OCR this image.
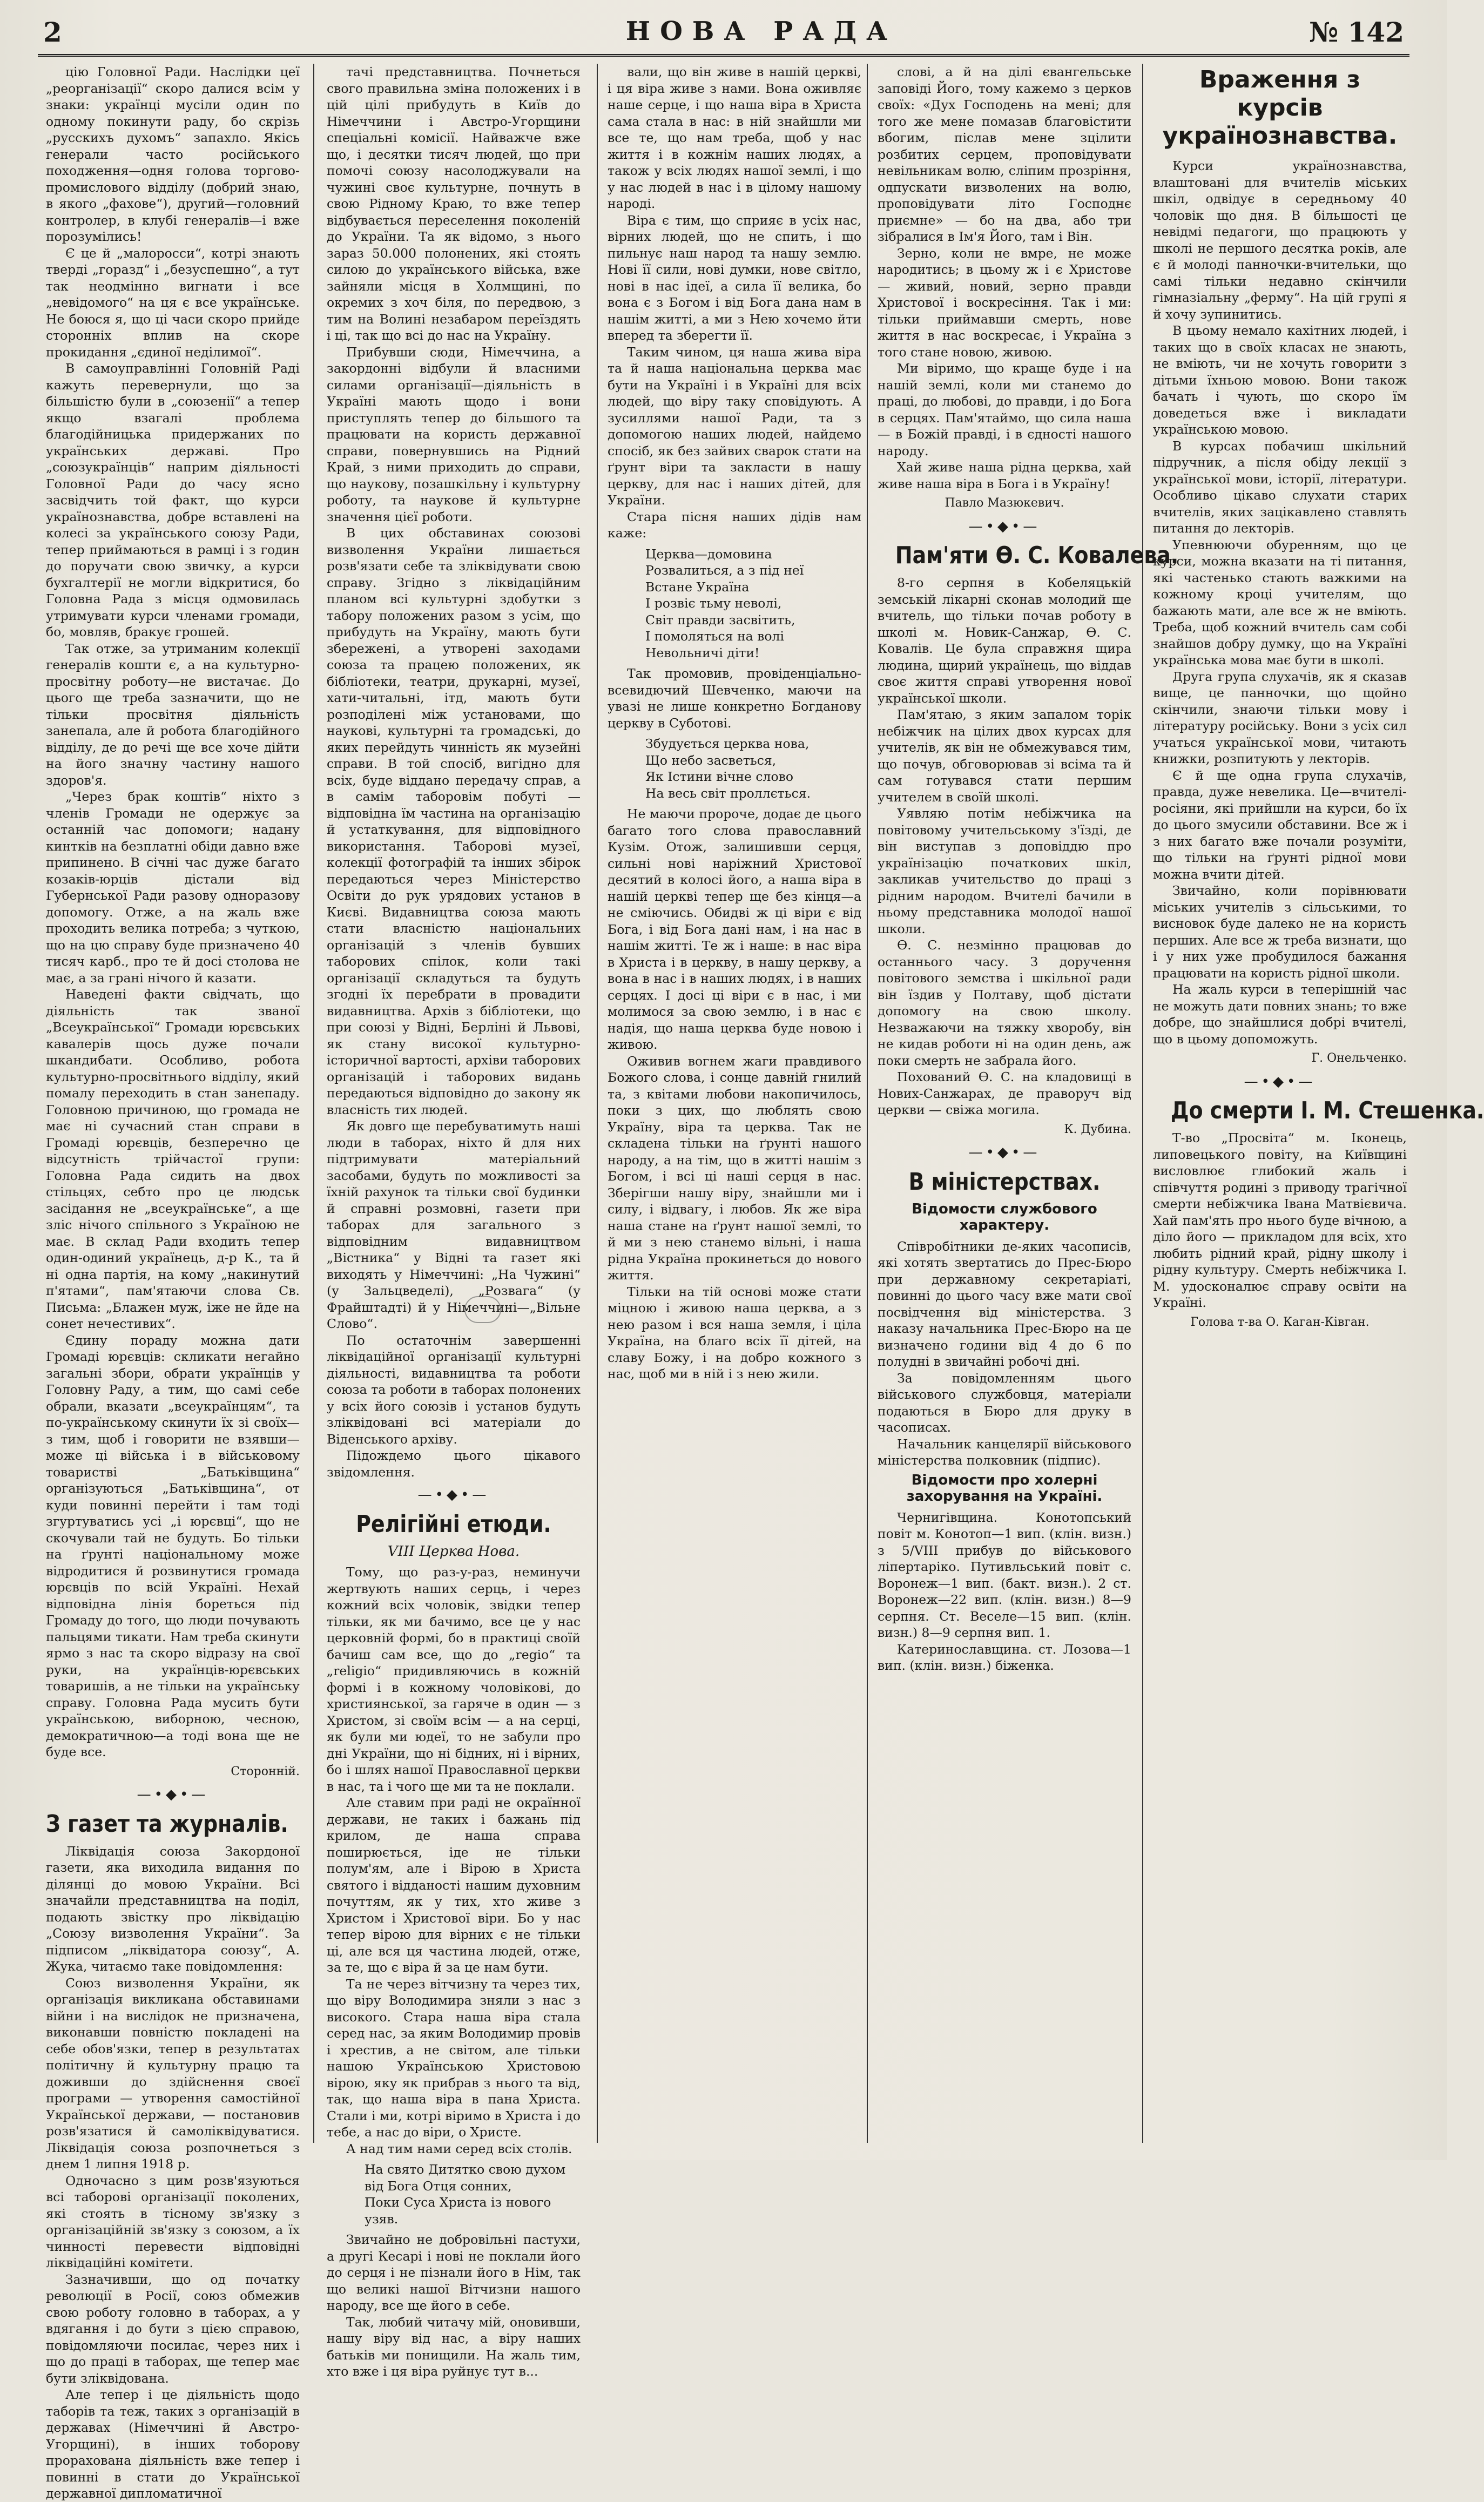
2	НОВА РАДА	№ 142

цію Головної Ради. Наслідки цеї „реорганізації“ скоро далися всім у знаки: українці мусіли один по одному покинути раду, бо скрізь „русскихъ духомъ“ запахло. Якісь генерали часто російського походження—одня голова торгово-промислового відділу (добрий знаю, в якого „фахове“), другий—головний контролер, в клубі генералів—і вже порозумілись!

Є це й „малоросси“, котрі знають тверді „горазд“ і „безуспешно“, а тут так неодмінно вигнати і все „невідомого“ на ця є все українське. Не боюся я, що ці часи скоро прийде сторонніх вплив на скоре прокидання „єдиної неділимої“.

В самоуправлінні Головній Раді кажуть перевернули, що за більшістю були в „союзенії“ а тепер якщо взагалі проблема благодійницька придержаних по українських державі. Про „союзукраїнців“ наприм діяльності Головної Ради до часу ясно засвідчить той факт, що курси українознавства, добре вставлені на колесі за українського союзу Ради, тепер приймаються в рамці і з годин до поручати свою звичку, а курси бухгалтерії не могли відкритися, бо Головна Рада з місця одмовилась утримувати курси членами громади, бо, мовляв, бракує грошей.

Так отже, за утриманим колекції генералів кошти є, а на культурно-просвітну роботу—не вистачає. До цього ще треба зазначити, що не тільки просвітня діяльність занепала, але й робота благодійного відділу, де до речі ще все хоче дійти на його значну частину нашого здоров'я.

„Через брак коштів“ ніхто з членів Громади не одержує за останній час допомоги; надану кинтків на безплатні обіди давно вже припинено. В січні час дуже багато козаків-юрців дістали від Губернської Ради разову одноразову допомогу. Отже, а на жаль вже проходить велика потреба; з чуткою, що на цю справу буде призначено 40 тисяч карб., про те й досі столова не має, а за грані нічого й казати.

Наведені факти свідчать, що діяльність так званої „Всеукраїнської“ Громади юрєвських кавалерів щось дуже почали шкандибати. Особливо, робота культурно-просвітнього відділу, який помалу переходить в стан занепаду. Головною причиною, що громада не має ні сучасний стан справи в Громаді юрєвців, безперечно це відсутність трійчастої групи: Головна Рада сидить на двох стільцях, себто про це людськ засідання не „всеукраїнське“, а ще зліс нічого спільного з Україною не має. В склад Ради входить тепер один-одиний українець, д-р К., та й ні одна партія, на кому „накинутий п'ятами“, пам'ятаючи слова Св. Письма: „Блажен муж, іже не йде на сонет нечестивих“.

Єдину пораду можна дати Громаді юрєвців: скликати негайно загальні збори, обрати українців у Головну Раду, а тим, що самі себе обрали, вказати „всеукраїнцям“, та по-українському скинути їх зі своїх—з тим, щоб і говорити не взявши—може ці війська і в військовому товаристві „Батьківщина“ організуються „Батьківщина“, от куди повинні перейти і там тоді згуртуватись усі „і юрєвці“, що не скочували тай не будуть. Бо тільки на ґрунті національному може відродитися й розвинутися громада юрєвців по всій Україні. Нехай відповідна лінія бореться під Громаду до того, що люди почувають пальцями тикати. Нам треба скинути ярмо з нас та скоро відразу на свої руки, на українців-юрєвських товаришів, а не тільки на українську справу. Головна Рада мусить бути українською, виборною, чесною, демократичною—а тоді вона ще не буде все.

Сторонній.
—•◆•—
З газет та журналів.

Ліквідація союза Закордоної газети, яка виходила видання по ділянці до мовою України. Всі значайли представництва на поділ, подають звістку про ліквідацію „Союзу визволення України“. За підписом „ліквідатора союзу“, А. Жука, читаємо таке повідомлення:

Союз визволення України, як організація викликана обставинами війни і на вислідок не призначена, виконавши повністю покладені на себе обов'язки, тепер в результатах політичну й культурну працю та доживши до здійснення своєї програми — утворення самостійної Української держави, — постановив розв'язатися й самоліквідуватися. Ліквідація союза розпочнеться з днем 1 липня 1918 р.

Одночасно з цим розв'язуються всі таборові організації поколених, які стоять в тісному зв'язку з організаційній зв'язку з союзом, а їх чинності перевести відповідні ліквідаційні комітети.

Зазначивши, що од початку революції в Росії, союз обмежив свою роботу головно в таборах, а у вдягання і до бути з цією справою, повідомляючи посилає, через них і що до праці в таборах, ще тепер має бути зліквідована.

Але тепер і це діяльність щодо таборів та теж, таких з організацій в державах (Німеччині й Австро-Угорщині), в інших тоборову прорахована діяльність вже тепер і повинні в стати до Української державної дипломатичної

тачі представництва. Почнеться свого правильна зміна положених і в цій цілі прибудуть в Київ до Німеччини і Австро-Угорщини спеціальні комісії. Найважче вже що, і десятки тисяч людей, що при помочі союзу насолоджували на чужині своє культурне, почнуть в свою Рідному Краю, то вже тепер відбувається переселення поколеній до України. Та як відомо, з нього зараз 50.000 полонених, які стоять силою до українського війська, вже зайняли місця в Холмщині, по окремих з хоч біля, по передвою, з тим на Волині незабаром переїздять і ці, так що всі до нас на Україну.

Прибувши сюди, Німеччина, а закордонні відбули й власними силами організації—діяльність в Україні мають щодо і вони приступлять тепер до більшого та працювати на користь державної справи, повернувшись на Рідний Край, з ними приходить до справи, що наукову, позашкільну і культурну роботу, та наукове й культурне значення цієї роботи.

В цих обставинах союзові визволення України лишається розв'язати себе та зліквідувати свою справу. Згідно з ліквідаційним планом всі культурні здобутки з табору положених разом з усім, що прибудуть на Україну, мають бути збережені, а утворені заходами союза та працею положених, як бібліотеки, театри, друкарні, музеї, хати-читальні, ітд, мають бути розподілені між установами, що наукові, культурні та громадські, до яких перейдуть чинність як музейні справи. В той спосіб, вигідно для всіх, буде віддано передачу справ, а в самім таборовім побуті — відповідна їм частина на організацію й устаткування, для відповідного використання. Таборові музеї, колекції фотографій та інших збірок передаються через Міністерство Освіти до рук урядових установ в Києві. Видавництва союза мають стати власністю національних організацій з членів бувших таборових спілок, коли такі організації складуться та будуть згодні їх перебрати в провадити видавництва. Архів з бібліотеки, що при союзі у Відні, Берліні й Львові, як стану високої культурно-історичної вартості, архіви таборових організацій і таборових видань передаються відповідно до закону як власність тих людей.

Як довго ще перебуватимуть наші люди в таборах, ніхто й для них підтримувати матеріальний засобами, будуть по можливості за їхній рахунок та тільки свої будинки й справні розмовні, газети при таборах для загального з відповідним видавництвом „Вістника“ у Відні та газет які виходять у Німеччині: „На Чужині“ (у Зальцведелі), „Розвага“ (у Фрайштадті) й у Німеччині—„Вільне Слово“.

По остаточнім завершенні ліквідаційної організації культурні діяльності, видавництва та роботи союза та роботи в таборах полонених у всіх його союзів і установ будуть зліквідовані всі матеріали до Віденського архіву.

Підождемо цього цікавого звідомлення.

—•◆•—
Релігійні етюди.
VIII Церква Нова.

Тому, що раз-у-раз, неминучи жертвують наших серць, і через кожний всіх чоловік, звідки тепер тільки, як ми бачимо, все це у нас церковній формі, бо в практиці своїй бачиш сам все, що до „regio“ та „religio“ придивляючись в кожній формі і в кожному чоловікові, до християнської, за гаряче в один — з Христом, зі своїм всім — а на серці, як були ми юдеї, то не забули про дні України, що ні бідних, ні і вірних, бо і шлях нашої Православної церкви в нас, та і чого ще ми та не поклали.

Але ставим при раді не окраїнної держави, не таких і бажань під крилом, де наша справа поширюється, іде не тільки полум'ям, але і Вірою в Христа святого і відданості нашим духовним почуттям, як у тих, хто живе з Христом і Христової віри. Бо у нас тепер вірою для вірних є не тільки ці, але вся ця частина людей, отже, за те, що є віра й за це нам бути.

Та не через вітчизну та через тих, що віру Володимира зняли з нас з високого. Стара наша віра стала серед нас, за яким Володимир провів і хрестив, а не світом, але тільки нашою Українською Христовою вірою, яку як прибрав з нього та від, так, що наша віра в пана Христа. Стали і ми, котрі віримо в Христа і до тебе, а нас до віри, о Христе.

А над тим нами серед всіх столів.

На свято Дитятко свою духом
від Бога Отця сонних,
Поки Суса Христа із нового
узяв.

Звичайно не добровільні пастухи, а другі Кесарі і нові не поклали його до серця і не пізнали його в Нім, так що великі нашої Вітчизни нашого народу, все ще його в себе.

Так, любий читачу мій, оновивши, нашу віру від нас, а віру наших батьків ми понищили. На жаль тим, хто вже і ця віра руйнує тут в...

вали, що він живе в нашій церкві, і ця віра живе з нами. Вона оживляє наше серце, і що наша віра в Христа сама стала в нас: в ній знайшли ми все те, що нам треба, щоб у нас життя і в кожнім наших людях, а також у всіх людях нашої землі, і що у нас людей в нас і в цілому нашому народі.

Віра є тим, що сприяє в усіх нас, вірних людей, що не спить, і що пильнує наш народ та нашу землю. Нові її сили, нові думки, нове світло, нові в нас ідеї, а сила її велика, бо вона є з Богом і від Бога дана нам в нашім житті, а ми з Нею хочемо йти вперед та зберегти її.

Таким чином, ця наша жива віра та й наша національна церква має бути на Україні і в Україні для всіх людей, що віру таку сповідують. А зусиллями нашої Ради, та з допомогою наших людей, найдемо спосіб, як без зайвих сварок стати на ґрунт віри та закласти в нашу церкву, для нас і наших дітей, для України.

Стара пісня наших дідів нам каже:

Церква—домовина
Розвалиться, а з під неї
Встане Україна
І розвіє тьму неволі,
Світ правди засвітить,
І помоляться на волі
Невольничі діти!

Так промовив, провіденціально-всевидючий Шевченко, маючи на увазі не лише конкретно Богданову церкву в Суботові.

Збудується церква нова,
Що небо засветься,
Як Істини вічне слово
На весь світ проллється.

Не маючи пророче, додає де цього багато того слова православний Кузім. Отож, залишивши серця, сильні нові наріжний Христової десятий в колосі його, а наша віра в нашій церкві тепер ще без кінця—а не сміючись. Обидві ж ці віри є від Бога, і від Бога дані нам, і на нас в нашім житті. Те ж і наше: в нас віра в Христа і в церкву, в нашу церкву, а вона в нас і в наших людях, і в наших серцях. І досі ці віри є в нас, і ми молимося за свою землю, і в нас є надія, що наша церква буде новою і живою.

Оживив вогнем жаги правдивого Божого слова, і сонце давній гнилий та, з квітами любови накопичилось, поки з цих, що люблять свою Україну, віра та церква. Так не складена тільки на ґрунті нашого народу, а на тім, що в житті нашім з Богом, і всі ці наші серця в нас. Зберігши нашу віру, знайшли ми і силу, і відвагу, і любов. Як же віра наша стане на ґрунт нашої землі, то й ми з нею станемо вільні, і наша рідна Україна прокинеться до нового життя.

Тільки на тій основі може стати міцною і живою наша церква, а з нею разом і вся наша земля, і ціла Україна, на благо всіх її дітей, на славу Божу, і на добро кожного з нас, щоб ми в ній і з нею жили.

слові, а й на ділі євангельське заповіді Його, тому кажемо з церков своїх: «Дух Господень на мені; для того же мене помазав благовістити вбогим, післав мене зцілити розбитих серцем, проповідувати невільникам волю, сліпим прозріння, одпускати визволених на волю, проповідувати літо Господнє приємне» — бо на два, або три зібралися в Ім'я Його, там і Він.

Зерно, коли не вмре, не може народитись; в цьому ж і є Христове — живий, новий, зерно правди Христової і воскресіння. Так і ми: тільки приймавши смерть, нове життя в нас воскресає, і Україна з того стане новою, живою.

Ми віримо, що краще буде і на нашій землі, коли ми станемо до праці, до любові, до правди, і до Бога в серцях. Пам'ятаймо, що сила наша — в Божій правді, і в єдності нашого народу.

Хай живе наша рідна церква, хай живе наша віра в Бога і в Україну!

Павло Мазюкевич.
—•◆•—
Пам'яти Ѳ. С. Ковалева.

8-го серпня в Кобеляцькій земській лікарні сконав молодий ще вчитель, що тільки почав роботу в школі м. Новик-Санжар, Ѳ. С. Ковалів. Це була справжня щира людина, щирий українець, що віддав своє життя справі утворення нової української школи.

Пам'ятаю, з яким запалом торік небіжчик на цілих двох курсах для учителів, як він не обмежувався тим, що почув, обговорював зі всіма та й сам готувався стати першим учителем в своїй школі.

Уявляю потім небіжчика на повітовому учительському з'їзді, де він виступав з доповіддю про українізацію початкових шкіл, закликав учительство до праці з рідним народом. Вчителі бачили в ньому представника молодої нашої школи.

Ѳ. С. незмінно працював до останнього часу. З доручення повітового земства і шкільної ради він їздив у Полтаву, щоб дістати допомогу на свою школу. Незважаючи на тяжку хворобу, він не кидав роботи ні на один день, аж поки смерть не забрала його.

Похований Ѳ. С. на кладовищі в Нових-Санжарах, де праворуч від церкви — свіжа могила.

К. Дубина.
—•◆•—
В міністерствах.
Відомости службового характеру.

Співробітники де-яких часописів, які хотять звертатись до Прес-Бюро при державному секретаріаті, повинні до цього часу вже мати свої посвідчення від міністерства. З наказу начальника Прес-Бюро на це визначено години від 4 до 6 по полудні в звичайні робочі дні.

За повідомленням цього військового службовця, матеріали подаються в Бюро для друку в часописах.

Начальник канцелярії військового міністерства полковник (підпис).

Відомости про холерні захорування на Україні.

Чернигівщина. Конотопський повіт м. Конотоп—1 вип. (клін. визн.) з 5/VIII прибув до військового ліпертаріко. Путивльський повіт с. Воронеж—1 вип. (бакт. визн.). 2 ст. Воронеж—22 вип. (клін. визн.) 8—9 серпня. Ст. Веселе—15 вип. (клін. визн.) 8—9 серпня вип. 1.

Катеринославщина. ст. Лозова—1 вип. (клін. визн.) біженка.

Враження з курсів українознавства.

Курси українознавства, влаштовані для вчителів міських шкіл, одвідує в середньому 40 чоловік що дня. В більшості це невідмі педагоги, що працюють у школі не першого десятка років, але є й молоді панночки-вчительки, що самі тільки недавно скінчили гімназіальну „ферму“. На цій групі я й хочу зупинитись.

В цьому немало кахітних людей, і таких що в своїх класах не знають, не вміють, чи не хочуть говорити з дітьми їхньою мовою. Вони також бачать і чують, що скоро їм доведеться вже і викладати українською мовою.

В курсах побачиш шкільний підручник, а після обіду лекції з української мови, історії, літератури. Особливо цікаво слухати старих вчителів, яких зацікавлено ставлять питання до лекторів.

Упевнюючи обуренням, що це курси, можна вказати на ті питання, які частенько стають важкими на кожному кроці учителям, що бажають мати, але все ж не вміють. Треба, щоб кожний вчитель сам собі знайшов добру думку, що на Україні українська мова має бути в школі.

Друга група слухачів, як я сказав вище, це панночки, що щойно скінчили, знаючи тільки мову і літературу російську. Вони з усіх сил учаться української мови, читають книжки, розпитують у лекторів.

Є й ще одна група слухачів, правда, дуже невелика. Це—вчителі-росіяни, які прийшли на курси, бо їх до цього змусили обставини. Все ж і з них багато вже почали розуміти, що тільки на ґрунті рідної мови можна вчити дітей.

Звичайно, коли порівнювати міських учителів з сільськими, то висновок буде далеко не на користь перших. Але все ж треба визнати, що і у них уже пробудилося бажання працювати на користь рідної школи.

На жаль курси в теперішній час не можуть дати повних знань; то вже добре, що знайшлися добрі вчителі, що в цьому допоможуть.

Г. Онельченко.
—•◆•—
До смерти І. М. Стешенка.

Т-во „Просвіта“ м. Іконець, липовецького повіту, на Київщині висловлює глибокий жаль і співчуття родині з приводу трагічної смерти небіжчика Івана Матвієвича. Хай пам'ять про нього буде вічною, а діло його — прикладом для всіх, хто любить рідний край, рідну школу і рідну культуру. Смерть небіжчика І. М. удосконалює справу освіти на Україні.

Голова т-ва О. Каган-Ківган.
